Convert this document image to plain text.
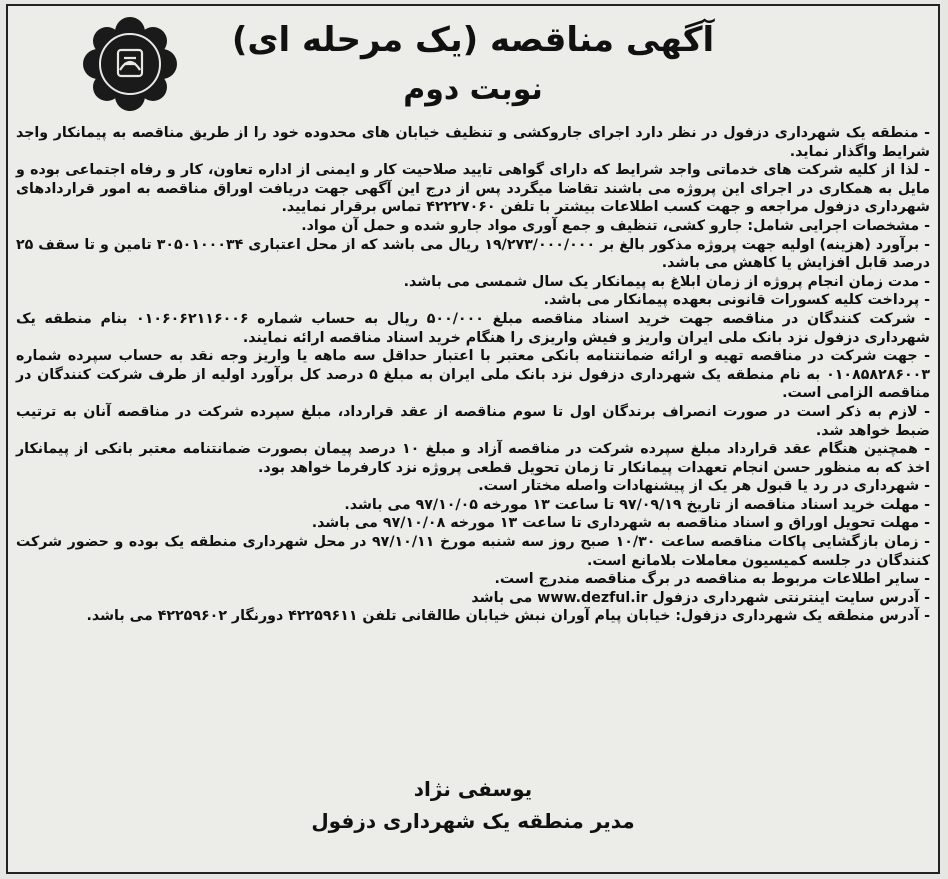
آگهی مناقصه (یک مرحله ای)
نوبت دوم

- منطقه یک شهرداری دزفول در نظر دارد اجرای جاروکشی و تنظیف خیابان های محدوده خود را از طریق مناقصه به پیمانکار واجد شرایط واگذار نماید.

- لذا از کلیه شرکت های خدماتی واجد شرایط که دارای گواهی تایید صلاحیت کار و ایمنی از اداره تعاون، کار و رفاه اجتماعی بوده و مایل به همکاری در اجرای این پروژه می باشند تقاضا میگردد پس از درج این آگهی جهت دریافت اوراق مناقصه به امور قراردادهای شهرداری دزفول مراجعه و جهت کسب اطلاعات بیشتر با تلفن ۴۲۲۲۷۰۶۰ تماس برقرار نمایید.

- مشخصات اجرایی شامل: جارو کشی، تنظیف و جمع آوری مواد جارو شده و حمل آن مواد.

- برآورد (هزینه) اولیه جهت پروژه مذکور بالغ بر ۱۹/۲۷۳/۰۰۰/۰۰۰ ریال می باشد که از محل اعتباری ۳۰۵۰۱۰۰۰۳۴ تامین و تا سقف ۲۵ درصد قابل افزایش یا کاهش می باشد.

- مدت زمان انجام پروژه از زمان ابلاغ به پیمانکار یک سال شمسی می باشد.

- پرداخت کلیه کسورات قانونی بعهده پیمانکار می باشد.

- شرکت کنندگان در مناقصه جهت خرید اسناد مناقصه مبلغ ۵۰۰/۰۰۰ ریال به حساب شماره ۰۱۰۶۰۶۲۱۱۶۰۰۶ بنام منطقه یک شهرداری دزفول نزد بانک ملی ایران واریز و فیش واریزی را هنگام خرید اسناد مناقصه ارائه نمایند.

- جهت شرکت در مناقصه تهیه و ارائه ضمانتنامه بانکی معتبر با اعتبار حداقل سه ماهه یا واریز وجه نقد به حساب سپرده شماره ۰۱۰۸۵۸۲۸۶۰۰۳ به نام منطقه یک شهرداری دزفول نزد بانک ملی ایران به مبلغ ۵ درصد کل برآورد اولیه از طرف شرکت کنندگان در مناقصه الزامی است.

- لازم به ذکر است در صورت انصراف برندگان اول تا سوم مناقصه از عقد قرارداد، مبلغ سپرده شرکت در مناقصه آنان به ترتیب ضبط خواهد شد.

- همچنین هنگام عقد قرارداد مبلغ سپرده شرکت در مناقصه آزاد و مبلغ ۱۰ درصد پیمان بصورت ضمانتنامه معتبر بانکی از پیمانکار اخذ که به منظور حسن انجام تعهدات پیمانکار تا زمان تحویل قطعی پروژه نزد کارفرما خواهد بود.

- شهرداری در رد یا قبول هر یک از پیشنهادات واصله مختار است.

- مهلت خرید اسناد مناقصه از تاریخ ۹۷/۰۹/۱۹ تا ساعت ۱۳ مورخه ۹۷/۱۰/۰۵ می باشد.

- مهلت تحویل اوراق و اسناد مناقصه به شهرداری تا ساعت ۱۳ مورخه ۹۷/۱۰/۰۸ می باشد.

- زمان بازگشایی پاکات مناقصه ساعت ۱۰/۳۰ صبح روز سه شنبه مورخ ۹۷/۱۰/۱۱ در محل شهرداری منطقه یک بوده و حضور شرکت کنندگان در جلسه کمیسیون معاملات بلامانع است.

- سایر اطلاعات مربوط به مناقصه در برگ مناقصه مندرج است.

- آدرس سایت اینترنتی شهرداری دزفول www.dezful.ir می باشد

- آدرس منطقه یک شهرداری دزفول: خیابان پیام آوران نبش خیابان طالقانی تلفن ۴۲۲۵۹۶۱۱ دورنگار ۴۲۲۵۹۶۰۲ می باشد.

یوسفی نژاد
مدیر منطقه یک شهرداری دزفول
